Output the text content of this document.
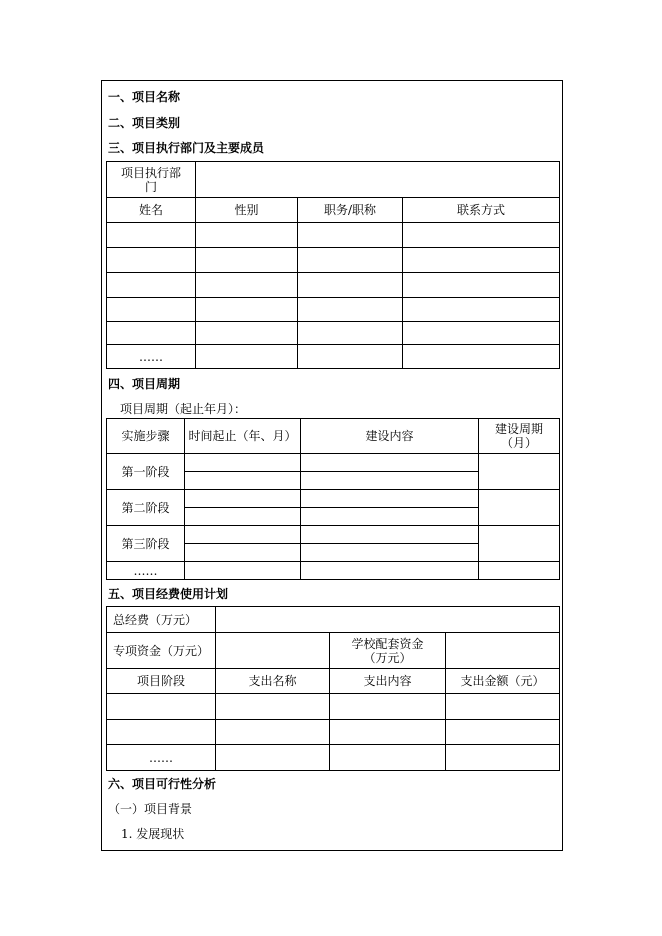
一、项目名称
二、项目类别
三、项目执行部门及主要成员
项目执行部门			
姓名	性别	职务/职称	联系方式

……			
四、项目周期
项目周期（起止年月）：
实施步骤	时间起止（年、月）	建设内容	建设周期（月）
第一阶段			

第二阶段			

第三阶段			

……			
五、项目经费使用计划
总经费（万元）			
专项资金（万元）		学校配套资金（万元）	
项目阶段	支出名称	支出内容	支出金额（元）

……			
六、项目可行性分析
（一）项目背景
1. 发展现状
